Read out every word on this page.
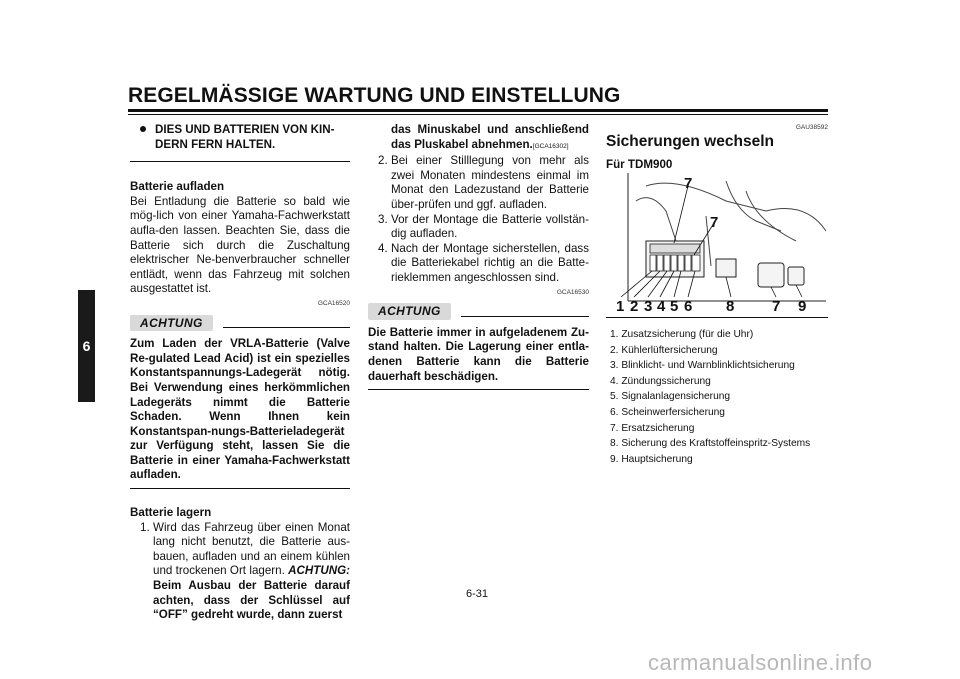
REGELMÄSSIGE WARTUNG UND EINSTELLUNG
6

DIES UND BATTERIEN VON KIN-

DERN FERN HALTEN.

Batterie aufladen

Bei Entladung die Batterie so bald wie mög-lich von einer Yamaha-Fachwerkstatt aufla-den lassen. Beachten Sie, dass die Batterie sich durch die Zuschaltung elektrischer Ne-benverbraucher schneller entlädt, wenn das Fahrzeug mit solchen ausgestattet ist.

GCA16520
ACHTUNG

Zum Laden der VRLA-Batterie (Valve Re-gulated Lead Acid) ist ein spezielles Konstantspannungs-Ladegerät nötig. Bei Verwendung eines herkömmlichen Ladegeräts nimmt die Batterie Schaden. Wenn Ihnen kein Konstantspan-nungs-Batterieladegerät zur Verfügung steht, lassen Sie die Batterie in einer Yamaha-Fachwerkstatt aufladen.

Batterie lagern

1. Wird das Fahrzeug über einen Monat lang nicht benutzt, die Batterie aus-bauen, aufladen und an einem kühlen und trockenen Ort lagern. ACHTUNG: Beim Ausbau der Batterie darauf achten, dass der Schlüssel auf “OFF” gedreht wurde, dann zuerst

das Minuskabel und anschließend das Pluskabel abnehmen.[GCA16302]

2. Bei einer Stilllegung von mehr als zwei Monaten mindestens einmal im Monat den Ladezustand der Batterie über-prüfen und ggf. aufladen.
3. Vor der Montage die Batterie vollstän-dig aufladen.
4. Nach der Montage sicherstellen, dass die Batteriekabel richtig an die Batte-rieklemmen angeschlossen sind.
GCA16530
ACHTUNG

Die Batterie immer in aufgeladenem Zu-stand halten. Die Lagerung einer entla-denen Batterie kann die Batterie dauerhaft beschädigen.

GAU38592
Sicherungen wechseln

Für TDM900

7
7
1 2 3 4 5 6 8	7 9
1. Zusatzsicherung (für die Uhr)
2. Kühlerlüftersicherung
3. Blinklicht- und Warnblinklichtsicherung
4. Zündungssicherung
5. Signalanlagensicherung
6. Scheinwerfersicherung
7. Ersatzsicherung
8. Sicherung des Kraftstoffeinspritz-Systems
9. Hauptsicherung
6-31
carmanualsonline.info
